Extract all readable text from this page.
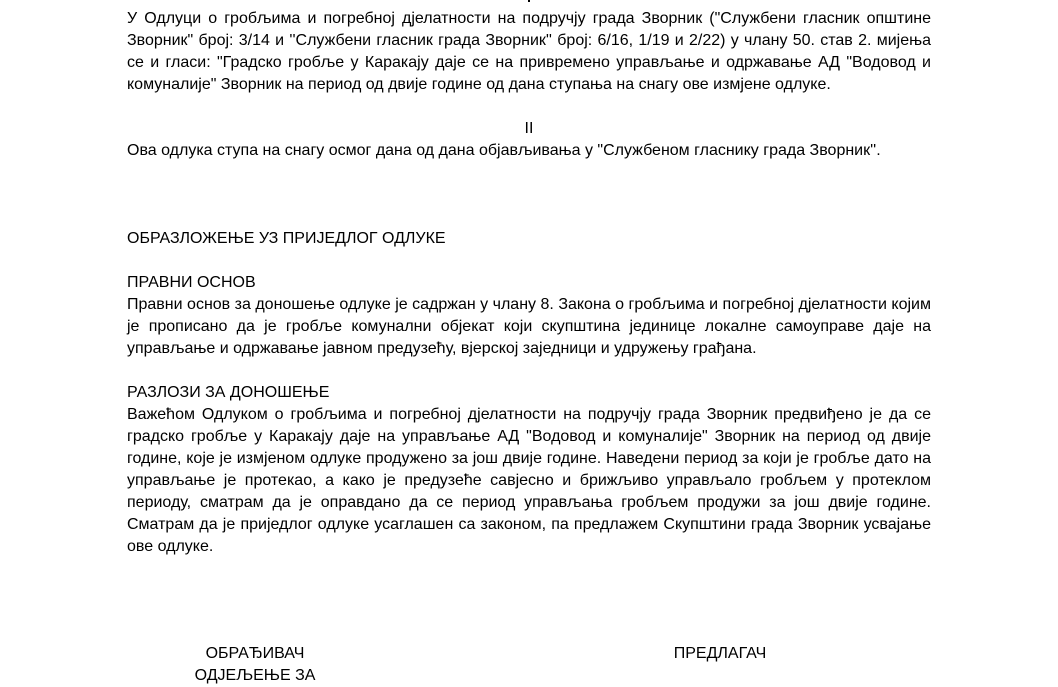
У Одлуци о гробљима и погребној дјелатности на подручју града Зворник ("Службени гласник општине Зворник" број: 3/14 и ''Службени гласник града Зворник'' број: 6/16, 1/19 и 2/22) у члану 50. став 2. мијења се и гласи: "Градско гробље у Каракају даје се на привремено управљање и одржавање АД "Водовод и комуналије" Зворник на период од двије године од дана ступања на снагу ове измјене одлуке.

II

Ова одлука ступа на снагу осмог дана од дана објављивања у "Службеном гласнику града Зворник''.

ОБРАЗЛОЖЕЊЕ УЗ ПРИЈЕДЛОГ ОДЛУКЕ

ПРАВНИ ОСНОВ

Правни основ за доношење одлуке је садржан у члану 8. Закона о гробљима и погребној дјелатности којим је прописано да је гробље комунални објекат који скупштина јединице локалне самоуправе даје на управљање и одржавање јавном предузећу, вјерској заједници и удружењу грађана.

РАЗЛОЗИ ЗА ДОНОШЕЊЕ

Важећом Одлуком о гробљима и погребној дјелатности на подручју града Зворник предвиђено је да се градско гробље у Каракају даје на управљање АД "Водовод и комуналије" Зворник на период од двије године, које је измјеном одлуке продужено за још двије године. Наведени период за који је гробље дато на управљање је протекао, а како је предузеће савјесно и брижљиво управљало гробљем у протеклом периоду, сматрам да је оправдано да се период управљања гробљем продужи за још двије године. Сматрам да је приједлог одлуке усаглашен са законом, па предлажем Скупштини града Зворник усвајање ове одлуке.

ОБРАЂИВАЧ
ОДЈЕЉЕЊЕ ЗА
ПРЕДЛАГАЧ
